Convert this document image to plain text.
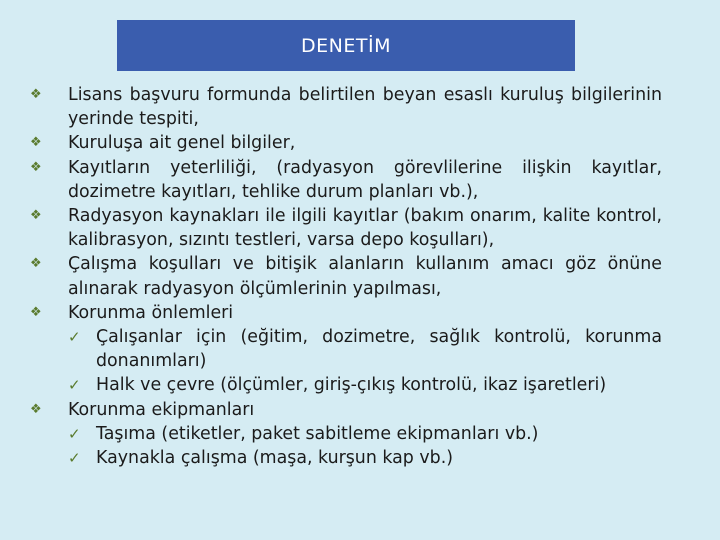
DENETİM
❖ Lisans başvuru formunda belirtilen beyan esaslı kuruluş bilgilerinin yerinde tespiti,
❖ Kuruluşa ait genel bilgiler,
❖ Kayıtların yeterliliği, (radyasyon görevlilerine ilişkin kayıtlar, dozimetre kayıtları, tehlike durum planları vb.),
❖ Radyasyon kaynakları ile ilgili kayıtlar (bakım onarım, kalite kontrol, kalibrasyon, sızıntı testleri, varsa depo koşulları),
❖ Çalışma koşulları ve bitişik alanların kullanım amacı göz önüne alınarak radyasyon ölçümlerinin yapılması,
❖ Korunma önlemleri
✓ Çalışanlar için (eğitim, dozimetre, sağlık kontrolü, korunma donanımları)
✓ Halk ve çevre (ölçümler, giriş-çıkış kontrolü, ikaz işaretleri)
❖ Korunma ekipmanları
✓ Taşıma (etiketler, paket sabitleme ekipmanları vb.)
✓ Kaynakla çalışma (maşa, kurşun kap vb.)
